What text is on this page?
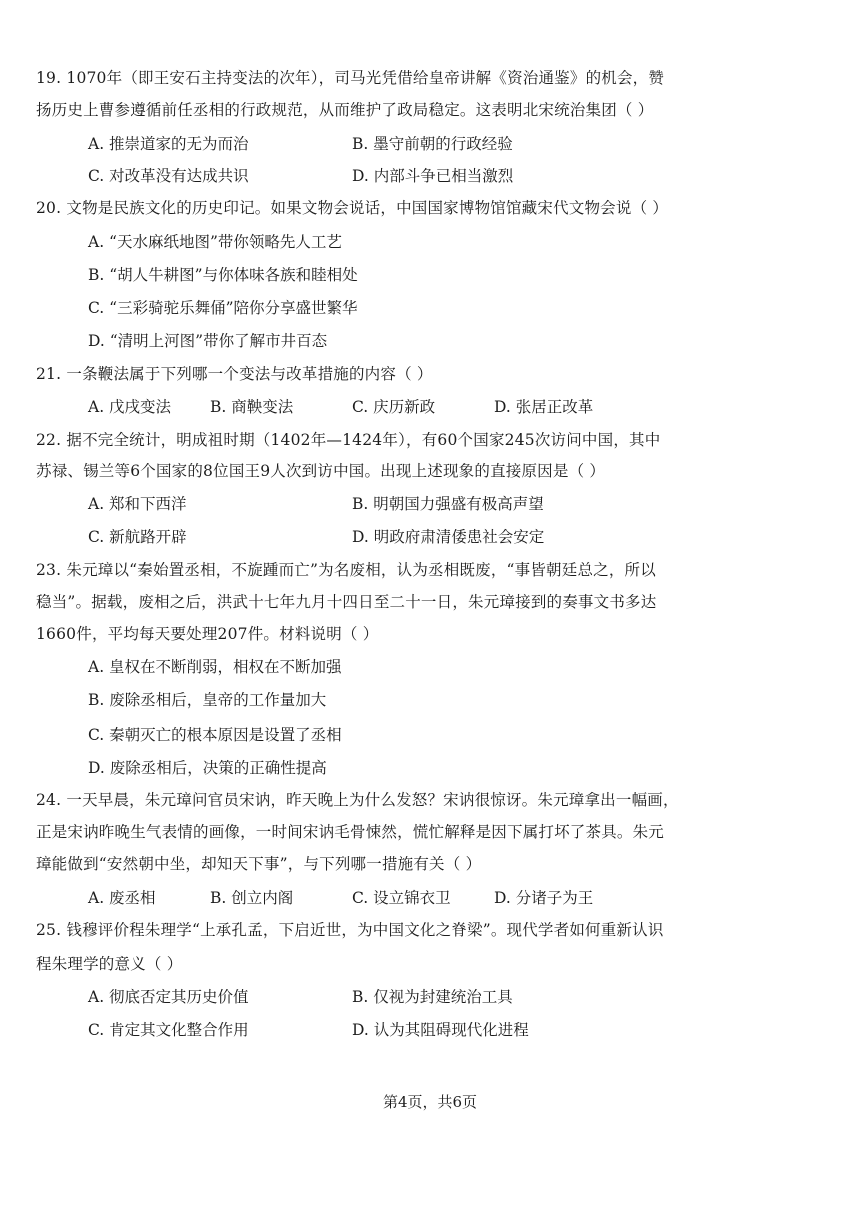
19. 1070年（即王安石主持变法的次年），司马光凭借给皇帝讲解《资治通鉴》的机会，赞
扬历史上曹参遵循前任丞相的行政规范，从而维护了政局稳定。这表明北宋统治集团（ ）
A. 推崇道家的无为而治	B. 墨守前朝的行政经验
C. 对改革没有达成共识	D. 内部斗争已相当激烈
20. 文物是民族文化的历史印记。如果文物会说话，中国国家博物馆馆藏宋代文物会说（ ）
A. “天水麻纸地图”带你领略先人工艺
B. “胡人牛耕图”与你体味各族和睦相处
C. “三彩骑驼乐舞俑”陪你分享盛世繁华
D. “清明上河图”带你了解市井百态
21. 一条鞭法属于下列哪一个变法与改革措施的内容（ ）
A. 戊戌变法	B. 商鞅变法	C. 庆历新政	D. 张居正改革
22. 据不完全统计，明成祖时期（1402年—1424年），有60个国家245次访问中国，其中
苏禄、锡兰等6个国家的8位国王9人次到访中国。出现上述现象的直接原因是（ ）
A. 郑和下西洋	B. 明朝国力强盛有极高声望
C. 新航路开辟	D. 明政府肃清倭患社会安定
23. 朱元璋以“秦始置丞相，不旋踵而亡”为名废相，认为丞相既废，“事皆朝廷总之，所以
稳当”。据载，废相之后，洪武十七年九月十四日至二十一日，朱元璋接到的奏事文书多达
1660件，平均每天要处理207件。材料说明（ ）
A. 皇权在不断削弱，相权在不断加强
B. 废除丞相后，皇帝的工作量加大
C. 秦朝灭亡的根本原因是设置了丞相
D. 废除丞相后，决策的正确性提高
24. 一天早晨，朱元璋问官员宋讷，昨天晚上为什么发怒？宋讷很惊讶。朱元璋拿出一幅画，
正是宋讷昨晚生气表情的画像，一时间宋讷毛骨悚然，慌忙解释是因下属打坏了茶具。朱元
璋能做到“安然朝中坐，却知天下事”，与下列哪一措施有关（ ）
A. 废丞相	B. 创立内阁	C. 设立锦衣卫	D. 分诸子为王
25. 钱穆评价程朱理学“上承孔孟，下启近世，为中国文化之脊梁”。现代学者如何重新认识
程朱理学的意义（ ）
A. 彻底否定其历史价值	B. 仅视为封建统治工具
C. 肯定其文化整合作用	D. 认为其阻碍现代化进程
第4页，共6页
